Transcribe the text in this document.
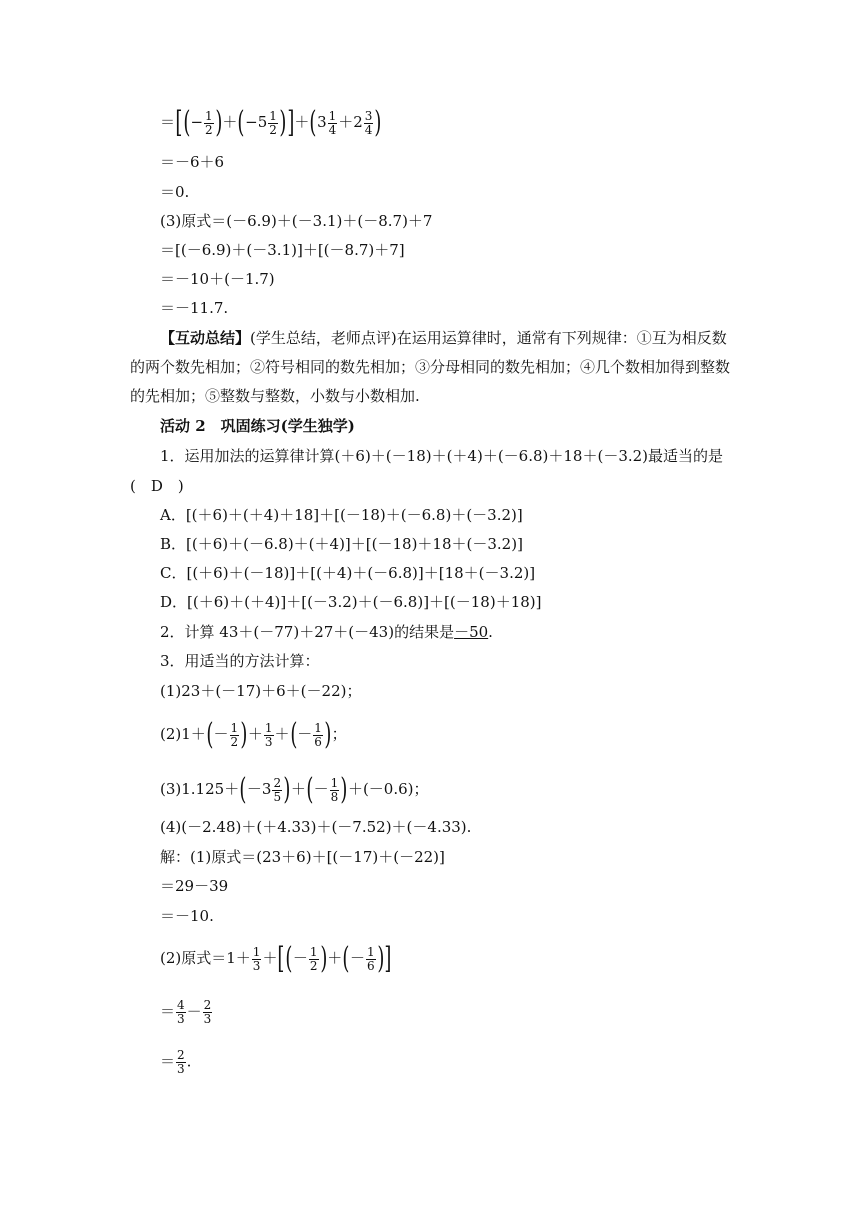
＝[(− $\frac{1}{2} )+(-5 \frac{1}{2} )]+(3 \frac{1}{4} +2 \frac{3}{4}$ )
＝－6＋6
＝0.
(3)原式＝(－6.9)＋(－3.1)＋(－8.7)＋7
＝[(－6.9)＋(－3.1)]＋[(－8.7)＋7]
＝－10＋(－1.7)
＝－11.7.
【互动总结】(学生总结，老师点评)在运用运算律时，通常有下列规律：①互为相反数
的两个数先相加；②符号相同的数先相加；③分母相同的数先相加；④几个数相加得到整数
的先相加；⑤整数与整数，小数与小数相加.
活动 2　巩固练习(学生独学)
1．运用加法的运算律计算(＋6)＋(－18)＋(＋4)＋(－6.8)＋18＋(－3.2)最适当的是
(　D　)
A．[(＋6)＋(＋4)＋18]＋[(－18)＋(－6.8)＋(－3.2)]
B．[(＋6)＋(－6.8)＋(＋4)]＋[(－18)＋18＋(－3.2)]
C．[(＋6)＋(－18)]＋[(＋4)＋(－6.8)]＋[18＋(－3.2)]
D．[(＋6)＋(＋4)]＋[(－3.2)＋(－6.8)]＋[(－18)＋18)]
2．计算 43＋(－77)＋27＋(－43)的结果是－50.
3．用适当的方法计算：
(1)23＋(－17)＋6＋(－22)；
$(2)1+(- \frac{1}{2}$ )＋ $\frac{1}{3}$ ＋(－ $\frac{1}{6}$ )；
$(3)1.125+(-3 \frac{2}{5}$ )＋(－ $\frac{1}{8} )+(-0.6)$；
(4)(－2.48)＋(＋4.33)＋(－7.52)＋(－4.33).
解：(1)原式＝(23＋6)＋[(－17)＋(－22)]
＝29－39
＝－10.
(2)原式$=1+ \frac{1}{3}$ ＋[(－ $\frac{1}{2}$ )＋(－ $\frac{1}{6}$ )]
＝ $\frac{4}{3} - \frac{2}{3}$
＝ $\frac{2}{3}$ .
